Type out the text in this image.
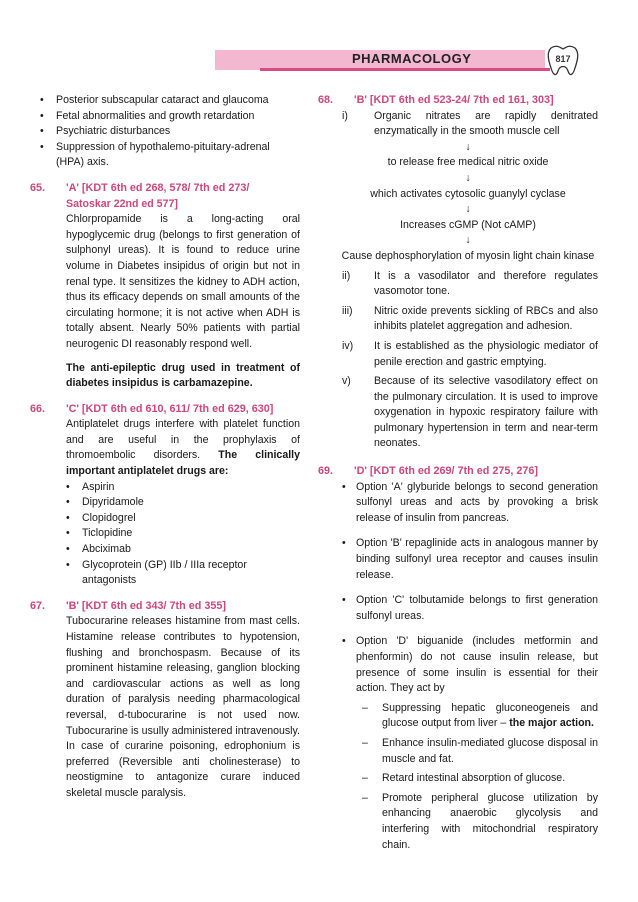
PHARMACOLOGY	817
• Posterior subscapular cataract and glaucoma
• Fetal abnormalities and growth retardation
• Psychiatric disturbances
• Suppression of hypothalemo-pituitary-adrenal (HPA) axis.
65. 'A' [KDT 6th ed 268, 578/ 7th ed 273/
Satoskar 22nd ed 577]
Chlorpropamide is a long-acting oral hypoglycemic drug (belongs to first generation of sulphonyl ureas). It is found to reduce urine volume in Diabetes insipidus of origin but not in renal type. It sensitizes the kidney to ADH action, thus its efficacy depends on small amounts of the circulating hormone; it is not active when ADH is totally absent. Nearly 50% patients with partial neurogenic DI reasonably respond well.
The anti-epileptic drug used in treatment of diabetes insipidus is carbamazepine.
66. 'C' [KDT 6th ed 610, 611/ 7th ed 629, 630]
Antiplatelet drugs interfere with platelet function and are useful in the prophylaxis of thromoembolic disorders. The clinically important antiplatelet drugs are:
• Aspirin
• Dipyridamole
• Clopidogrel
• Ticlopidine
• Abciximab
• Glycoprotein (GP) IIb / IIIa receptor antagonists
67. 'B' [KDT 6th ed 343/ 7th ed 355]
Tubocurarine releases histamine from mast cells. Histamine release contributes to hypotension, flushing and bronchospasm. Because of its prominent histamine releasing, ganglion blocking and cardiovascular actions as well as long duration of paralysis needing pharmacological reversal, d-tubocurarine is not used now. Tubocurarine is usully administered intravenously. In case of curarine poisoning, edrophonium is preferred (Reversible anti cholinesterase) to neostigmine to antagonize curare induced skeletal muscle paralysis.
68. 'B' [KDT 6th ed 523-24/ 7th ed 161, 303]
i) Organic nitrates are rapidly denitrated enzymatically in the smooth muscle cell
↓
to release free medical nitric oxide
↓
which activates cytosolic guanylyl cyclase
↓
Increases cGMP (Not cAMP)
↓
Cause dephosphorylation of myosin light chain kinase
ii) It is a vasodilator and therefore regulates vasomotor tone.
iii) Nitric oxide prevents sickling of RBCs and also inhibits platelet aggregation and adhesion.
iv) It is established as the physiologic mediator of penile erection and gastric emptying.
v) Because of its selective vasodilatory effect on the pulmonary circulation. It is used to improve oxygenation in hypoxic respiratory failure with pulmonary hypertension in term and near-term neonates.
69. 'D' [KDT 6th ed 269/ 7th ed 275, 276]
• Option 'A' glyburide belongs to second generation sulfonyl ureas and acts by provoking a brisk release of insulin from pancreas.
• Option 'B' repaglinide acts in analogous manner by binding sulfonyl urea receptor and causes insulin release.
• Option 'C' tolbutamide belongs to first generation sulfonyl ureas.
• Option 'D' biguanide (includes metformin and phenformin) do not cause insulin release, but presence of some insulin is essential for their action. They act by
– Suppressing hepatic gluconeogeneis and glucose output from liver – the major action.
– Enhance insulin-mediated glucose disposal in muscle and fat.
– Retard intestinal absorption of glucose.
– Promote peripheral glucose utilization by enhancing anaerobic glycolysis and interfering with mitochondrial respiratory chain.
